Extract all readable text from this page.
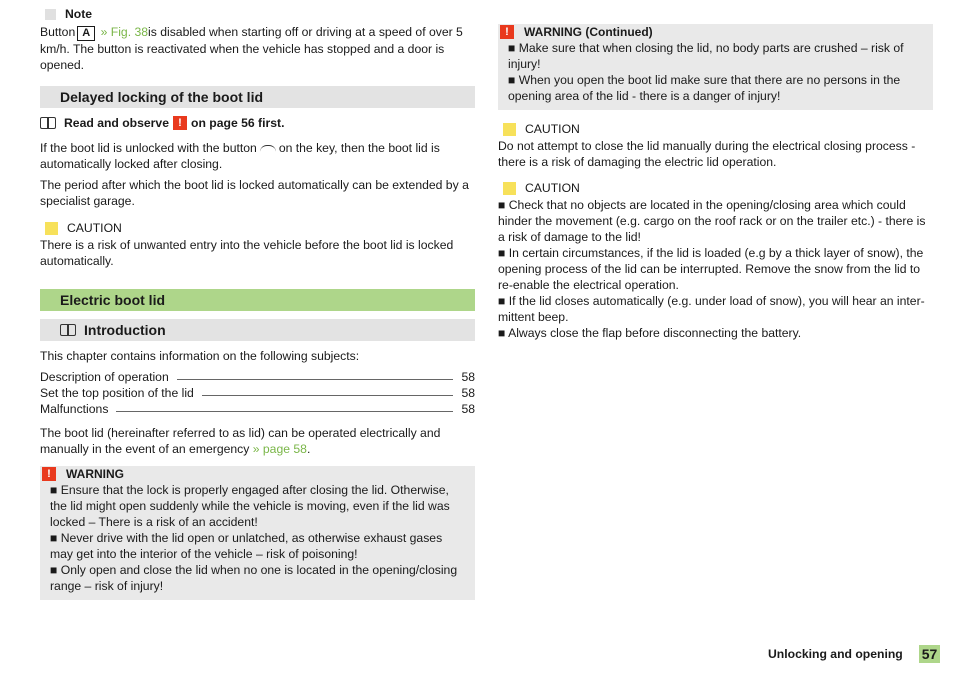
Note

Button A » Fig. 38is disabled when starting off or driving at a speed of over 5 km/h. The button is reactivated when the vehicle has stopped and a door is opened.

Delayed locking of the boot lid
Read and observe ! on page 56 first.

If the boot lid is unlocked with the button on the key, then the boot lid is automatically locked after closing.

The period after which the boot lid is locked automatically can be extended by a specialist garage.

CAUTION

There is a risk of unwanted entry into the vehicle before the boot lid is locked automatically.

Electric boot lid
Introduction

This chapter contains information on the following subjects:

Description of operation	58
Set the top position of the lid	58
Malfunctions	58

The boot lid (hereinafter referred to as lid) can be operated electrically and manually in the event of an emergency » page 58.

!	WARNING

■ Ensure that the lock is properly engaged after closing the lid. Otherwise, the lid might open suddenly while the vehicle is moving, even if the lid was locked – There is a risk of an accident!

■ Never drive with the lid open or unlatched, as otherwise exhaust gases may get into the interior of the vehicle – risk of poisoning!

■ Only open and close the lid when no one is located in the opening/closing range – risk of injury!

!	WARNING (Continued)

■ Make sure that when closing the lid, no body parts are crushed – risk of injury!

■ When you open the boot lid make sure that there are no persons in the opening area of the lid - there is a danger of injury!

CAUTION

Do not attempt to close the lid manually during the electrical closing process - there is a risk of damaging the electric lid operation.

CAUTION

■ Check that no objects are located in the opening/closing area which could hinder the movement (e.g. cargo on the roof rack or on the trailer etc.) - there is a risk of damage to the lid!

■ In certain circumstances, if the lid is loaded (e.g by a thick layer of snow), the opening process of the lid can be interrupted. Remove the snow from the lid to re-enable the electrical operation.

■ If the lid closes automatically (e.g. under load of snow), you will hear an inter-mittent beep.

■ Always close the flap before disconnecting the battery.

Unlocking and opening 57
